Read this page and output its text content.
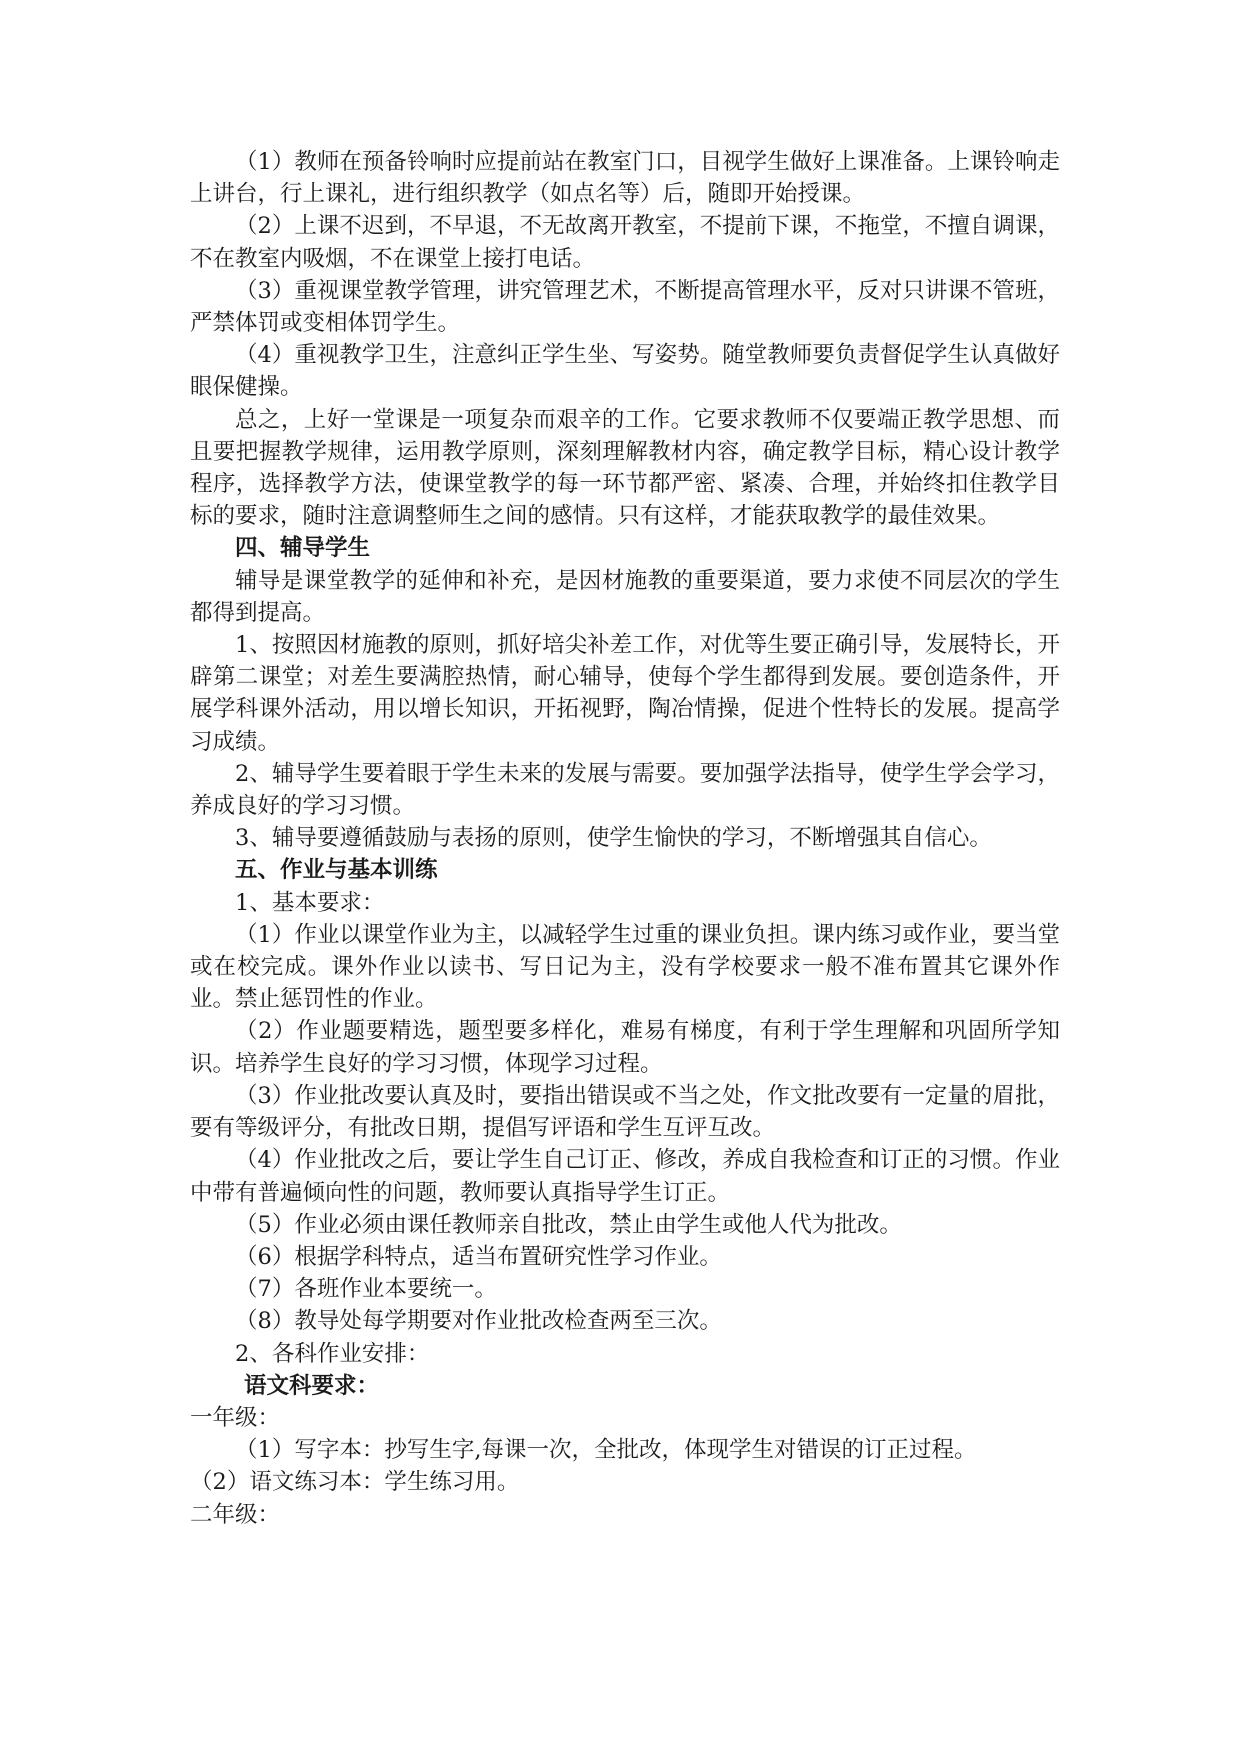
（1）教师在预备铃响时应提前站在教室门口，目视学生做好上课准备。上课铃响走上讲台，行上课礼，进行组织教学（如点名等）后，随即开始授课。

（2）上课不迟到，不早退，不无故离开教室，不提前下课，不拖堂，不擅自调课，不在教室内吸烟，不在课堂上接打电话。

（3）重视课堂教学管理，讲究管理艺术，不断提高管理水平，反对只讲课不管班，严禁体罚或变相体罚学生。

（4）重视教学卫生，注意纠正学生坐、写姿势。随堂教师要负责督促学生认真做好眼保健操。

总之，上好一堂课是一项复杂而艰辛的工作。它要求教师不仅要端正教学思想、而且要把握教学规律，运用教学原则，深刻理解教材内容，确定教学目标，精心设计教学程序，选择教学方法，使课堂教学的每一环节都严密、紧凑、合理，并始终扣住教学目标的要求，随时注意调整师生之间的感情。只有这样，才能获取教学的最佳效果。

四、辅导学生

辅导是课堂教学的延伸和补充，是因材施教的重要渠道，要力求使不同层次的学生都得到提高。

1、按照因材施教的原则，抓好培尖补差工作，对优等生要正确引导，发展特长，开辟第二课堂；对差生要满腔热情，耐心辅导，使每个学生都得到发展。要创造条件，开展学科课外活动，用以增长知识，开拓视野，陶冶情操，促进个性特长的发展。提高学习成绩。

2、辅导学生要着眼于学生未来的发展与需要。要加强学法指导，使学生学会学习，养成良好的学习习惯。

3、辅导要遵循鼓励与表扬的原则，使学生愉快的学习，不断增强其自信心。

五、作业与基本训练

1、基本要求：

（1）作业以课堂作业为主，以减轻学生过重的课业负担。课内练习或作业，要当堂或在校完成。课外作业以读书、写日记为主，没有学校要求一般不准布置其它课外作业。禁止惩罚性的作业。

（2）作业题要精选，题型要多样化，难易有梯度，有利于学生理解和巩固所学知识。培养学生良好的学习习惯，体现学习过程。

（3）作业批改要认真及时，要指出错误或不当之处，作文批改要有一定量的眉批，要有等级评分，有批改日期，提倡写评语和学生互评互改。

（4）作业批改之后，要让学生自己订正、修改，养成自我检查和订正的习惯。作业中带有普遍倾向性的问题，教师要认真指导学生订正。

（5）作业必须由课任教师亲自批改，禁止由学生或他人代为批改。

（6）根据学科特点，适当布置研究性学习作业。

（7）各班作业本要统一。

（8）教导处每学期要对作业批改检查两至三次。

2、各科作业安排：

语文科要求：

一年级：

（1）写字本：抄写生字,每课一次，全批改，体现学生对错误的订正过程。

（2）语文练习本：学生练习用。

二年级：
